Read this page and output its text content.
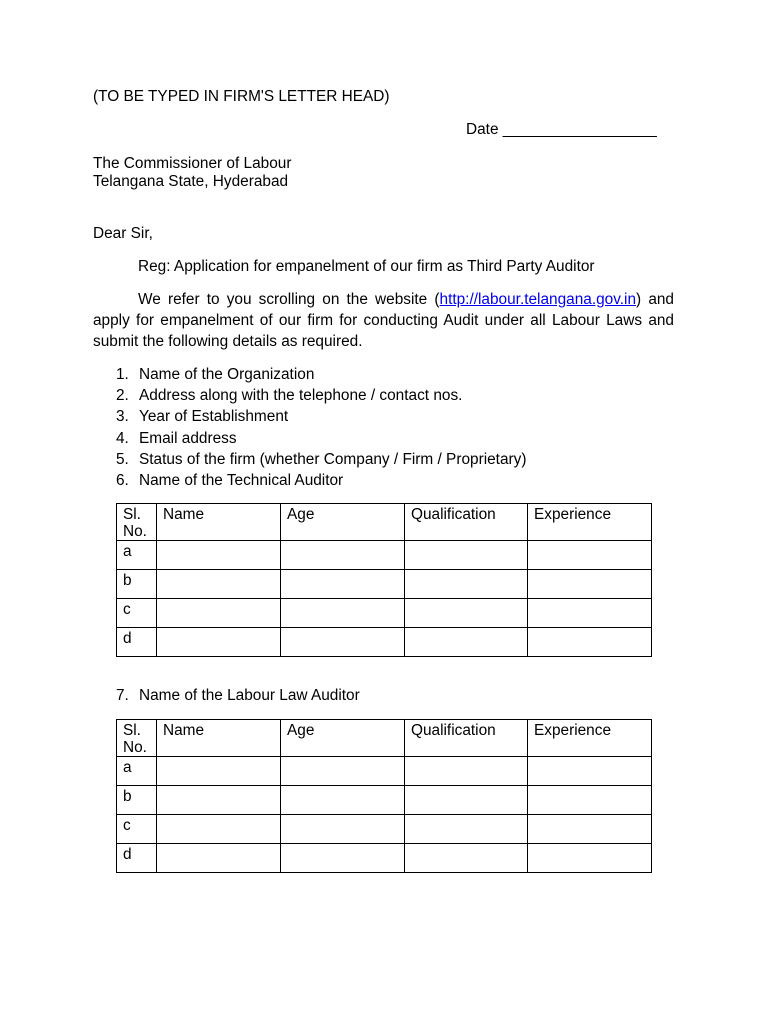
(TO BE TYPED IN FIRM'S LETTER HEAD)
Date __________________
The Commissioner of Labour
Telangana State, Hyderabad
Dear Sir,
Reg: Application for empanelment of our firm as Third Party Auditor
We refer to you scrolling on the website (http://labour.telangana.gov.in) and apply for empanelment of our firm for conducting Audit under all Labour Laws and submit the following details as required.
1. Name of the Organization
2. Address along with the telephone / contact nos.
3. Year of Establishment
4. Email address
5. Status of the firm (whether Company / Firm / Proprietary)
6. Name of the Technical Auditor
Sl. No.	Name	Age	Qualification	Experience
a				
b				
c				
d				
7. Name of the Labour Law Auditor
Sl. No.	Name	Age	Qualification	Experience
a				
b				
c				
d				
